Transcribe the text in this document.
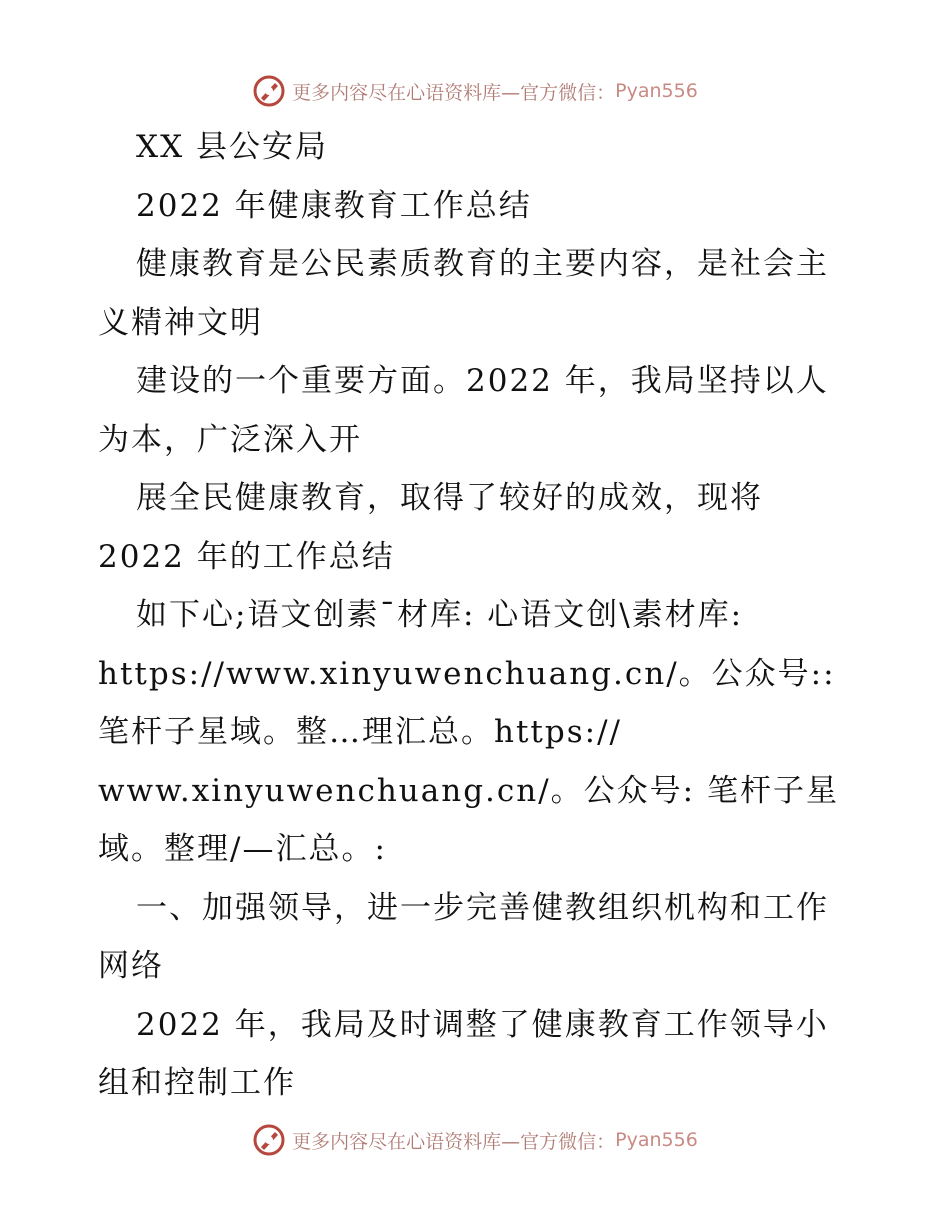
更多内容尽在心语资料库—官方微信： Pyan556

XX 县公安局

2022 年健康教育工作总结

健康教育是公民素质教育的主要内容，是社会主义精神文明

建设的一个重要方面。2022 年，我局坚持以人为本，广泛深入开

展全民健康教育，取得了较好的成效，现将 2022 年的工作总结

如下心;语文创素¯材库: 心语文创\素材库: https://www.xinyuwenchuang.cn/。公众号:: 笔杆子星域。整…理汇总。https:// www.xinyuwenchuang.cn/。公众号: 笔杆子星域。整理/—汇总。:

一、加强领导，进一步完善健教组织机构和工作网络

2022 年，我局及时调整了健康教育工作领导小组和控制工作

更多内容尽在心语资料库—官方微信： Pyan556
